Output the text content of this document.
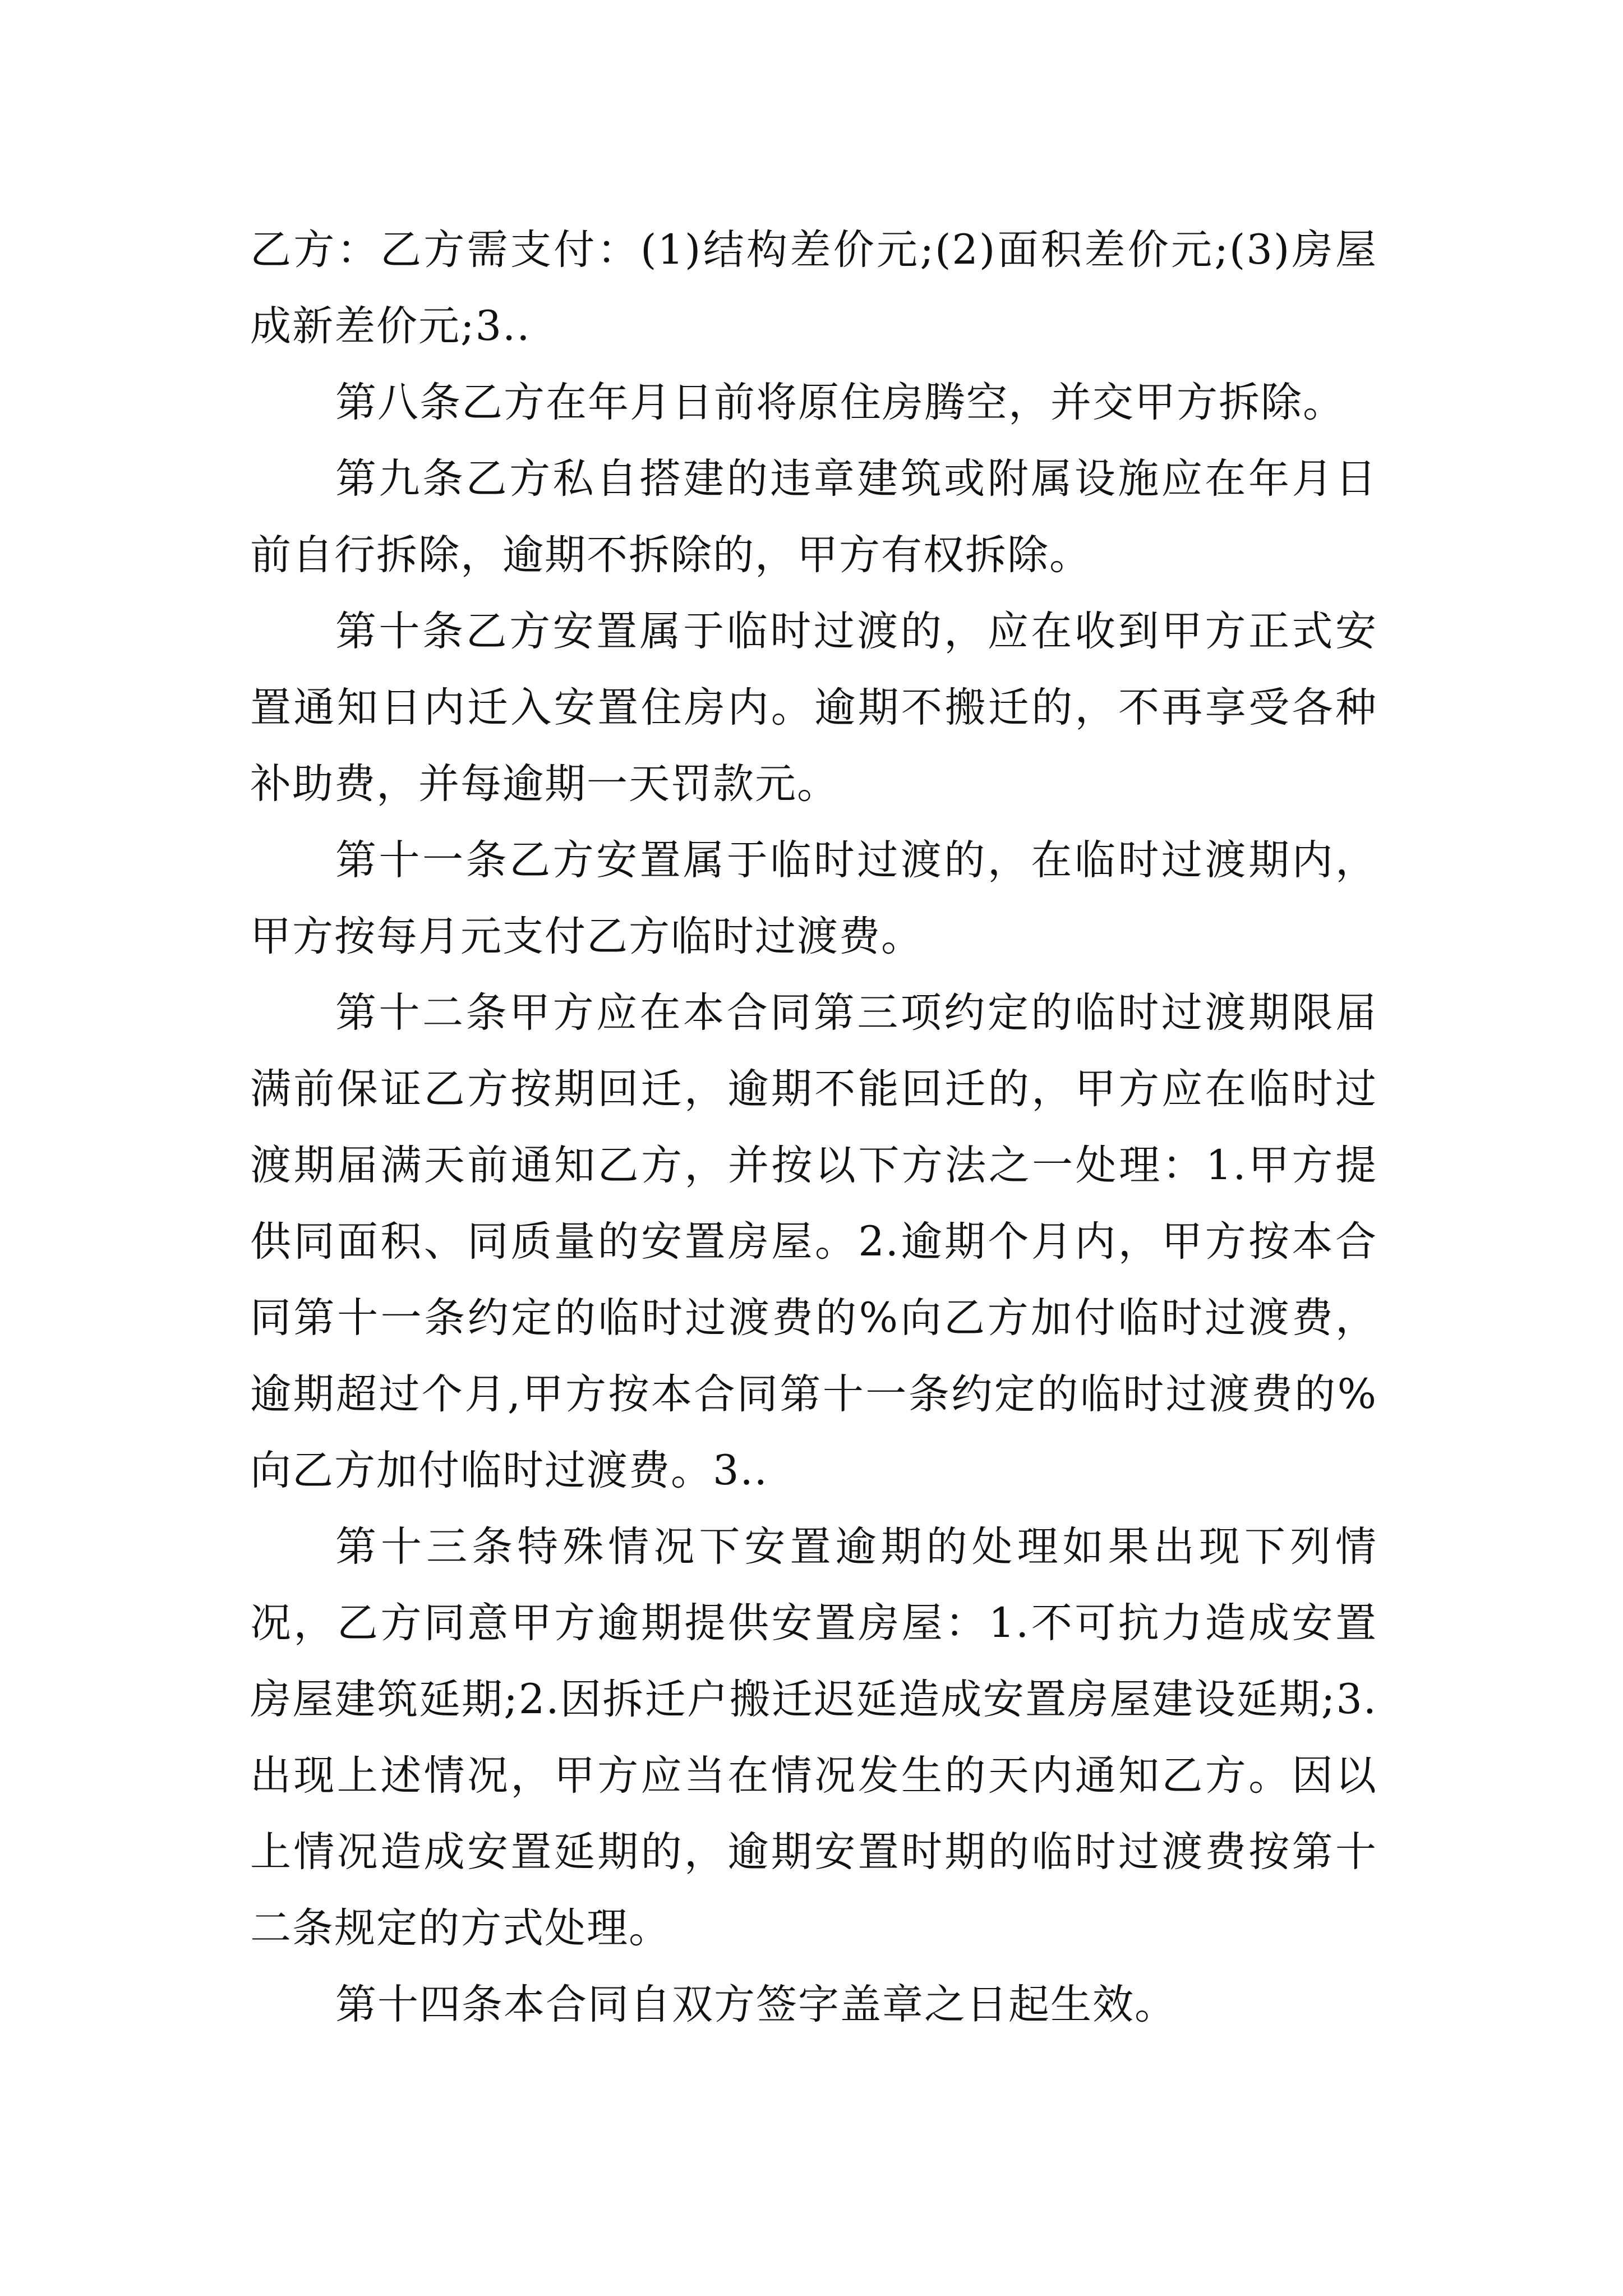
乙方：乙方需支付：(1)结构差价元;(2)面积差价元;(3)房屋成新差价元;3..

第八条乙方在年月日前将原住房腾空，并交甲方拆除。

第九条乙方私自搭建的违章建筑或附属设施应在年月日前自行拆除，逾期不拆除的，甲方有权拆除。

第十条乙方安置属于临时过渡的，应在收到甲方正式安置通知日内迁入安置住房内。逾期不搬迁的，不再享受各种补助费，并每逾期一天罚款元。

第十一条乙方安置属于临时过渡的，在临时过渡期内，甲方按每月元支付乙方临时过渡费。

第十二条甲方应在本合同第三项约定的临时过渡期限届满前保证乙方按期回迁，逾期不能回迁的，甲方应在临时过渡期届满天前通知乙方，并按以下方法之一处理：1.甲方提供同面积、同质量的安置房屋。2.逾期个月内，甲方按本合同第十一条约定的临时过渡费的%向乙方加付临时过渡费，逾期超过个月,甲方按本合同第十一条约定的临时过渡费的%向乙方加付临时过渡费。3..

第十三条特殊情况下安置逾期的处理如果出现下列情况，乙方同意甲方逾期提供安置房屋：1.不可抗力造成安置房屋建筑延期;2.因拆迁户搬迁迟延造成安置房屋建设延期;3.出现上述情况，甲方应当在情况发生的天内通知乙方。因以上情况造成安置延期的，逾期安置时期的临时过渡费按第十二条规定的方式处理。

第十四条本合同自双方签字盖章之日起生效。
